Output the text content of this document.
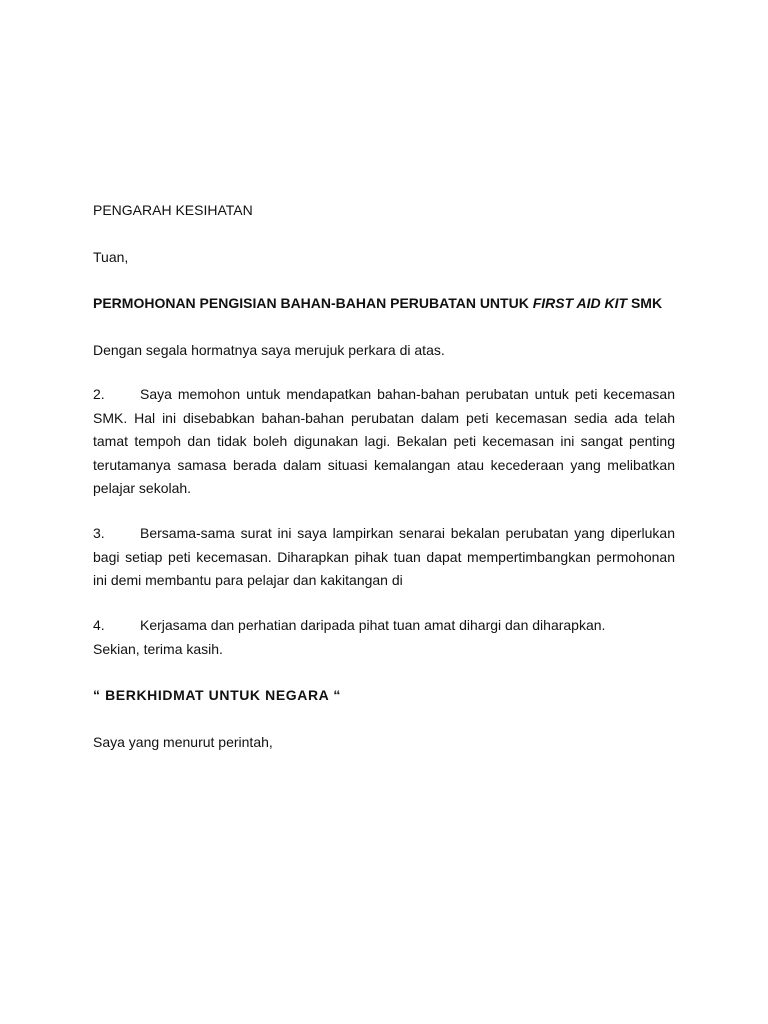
PENGARAH KESIHATAN
Tuan,
PERMOHONAN PENGISIAN BAHAN-BAHAN PERUBATAN UNTUK FIRST AID KIT SMK
Dengan segala hormatnya saya merujuk perkara di atas.
2.	Saya memohon untuk mendapatkan bahan-bahan perubatan untuk peti kecemasan SMK. Hal ini disebabkan bahan-bahan perubatan dalam peti kecemasan sedia ada telah tamat tempoh dan tidak boleh digunakan lagi. Bekalan peti kecemasan ini sangat penting terutamanya samasa berada dalam situasi kemalangan atau kecederaan yang melibatkan pelajar sekolah.
3.	Bersama-sama surat ini saya lampirkan senarai bekalan perubatan yang diperlukan bagi setiap peti kecemasan. Diharapkan pihak tuan dapat mempertimbangkan permohonan ini demi membantu para pelajar dan kakitangan di
4.	Kerjasama dan perhatian daripada pihat tuan amat dihargi dan diharapkan.
Sekian, terima kasih.
“ BERKHIDMAT UNTUK NEGARA “
Saya yang menurut perintah,
